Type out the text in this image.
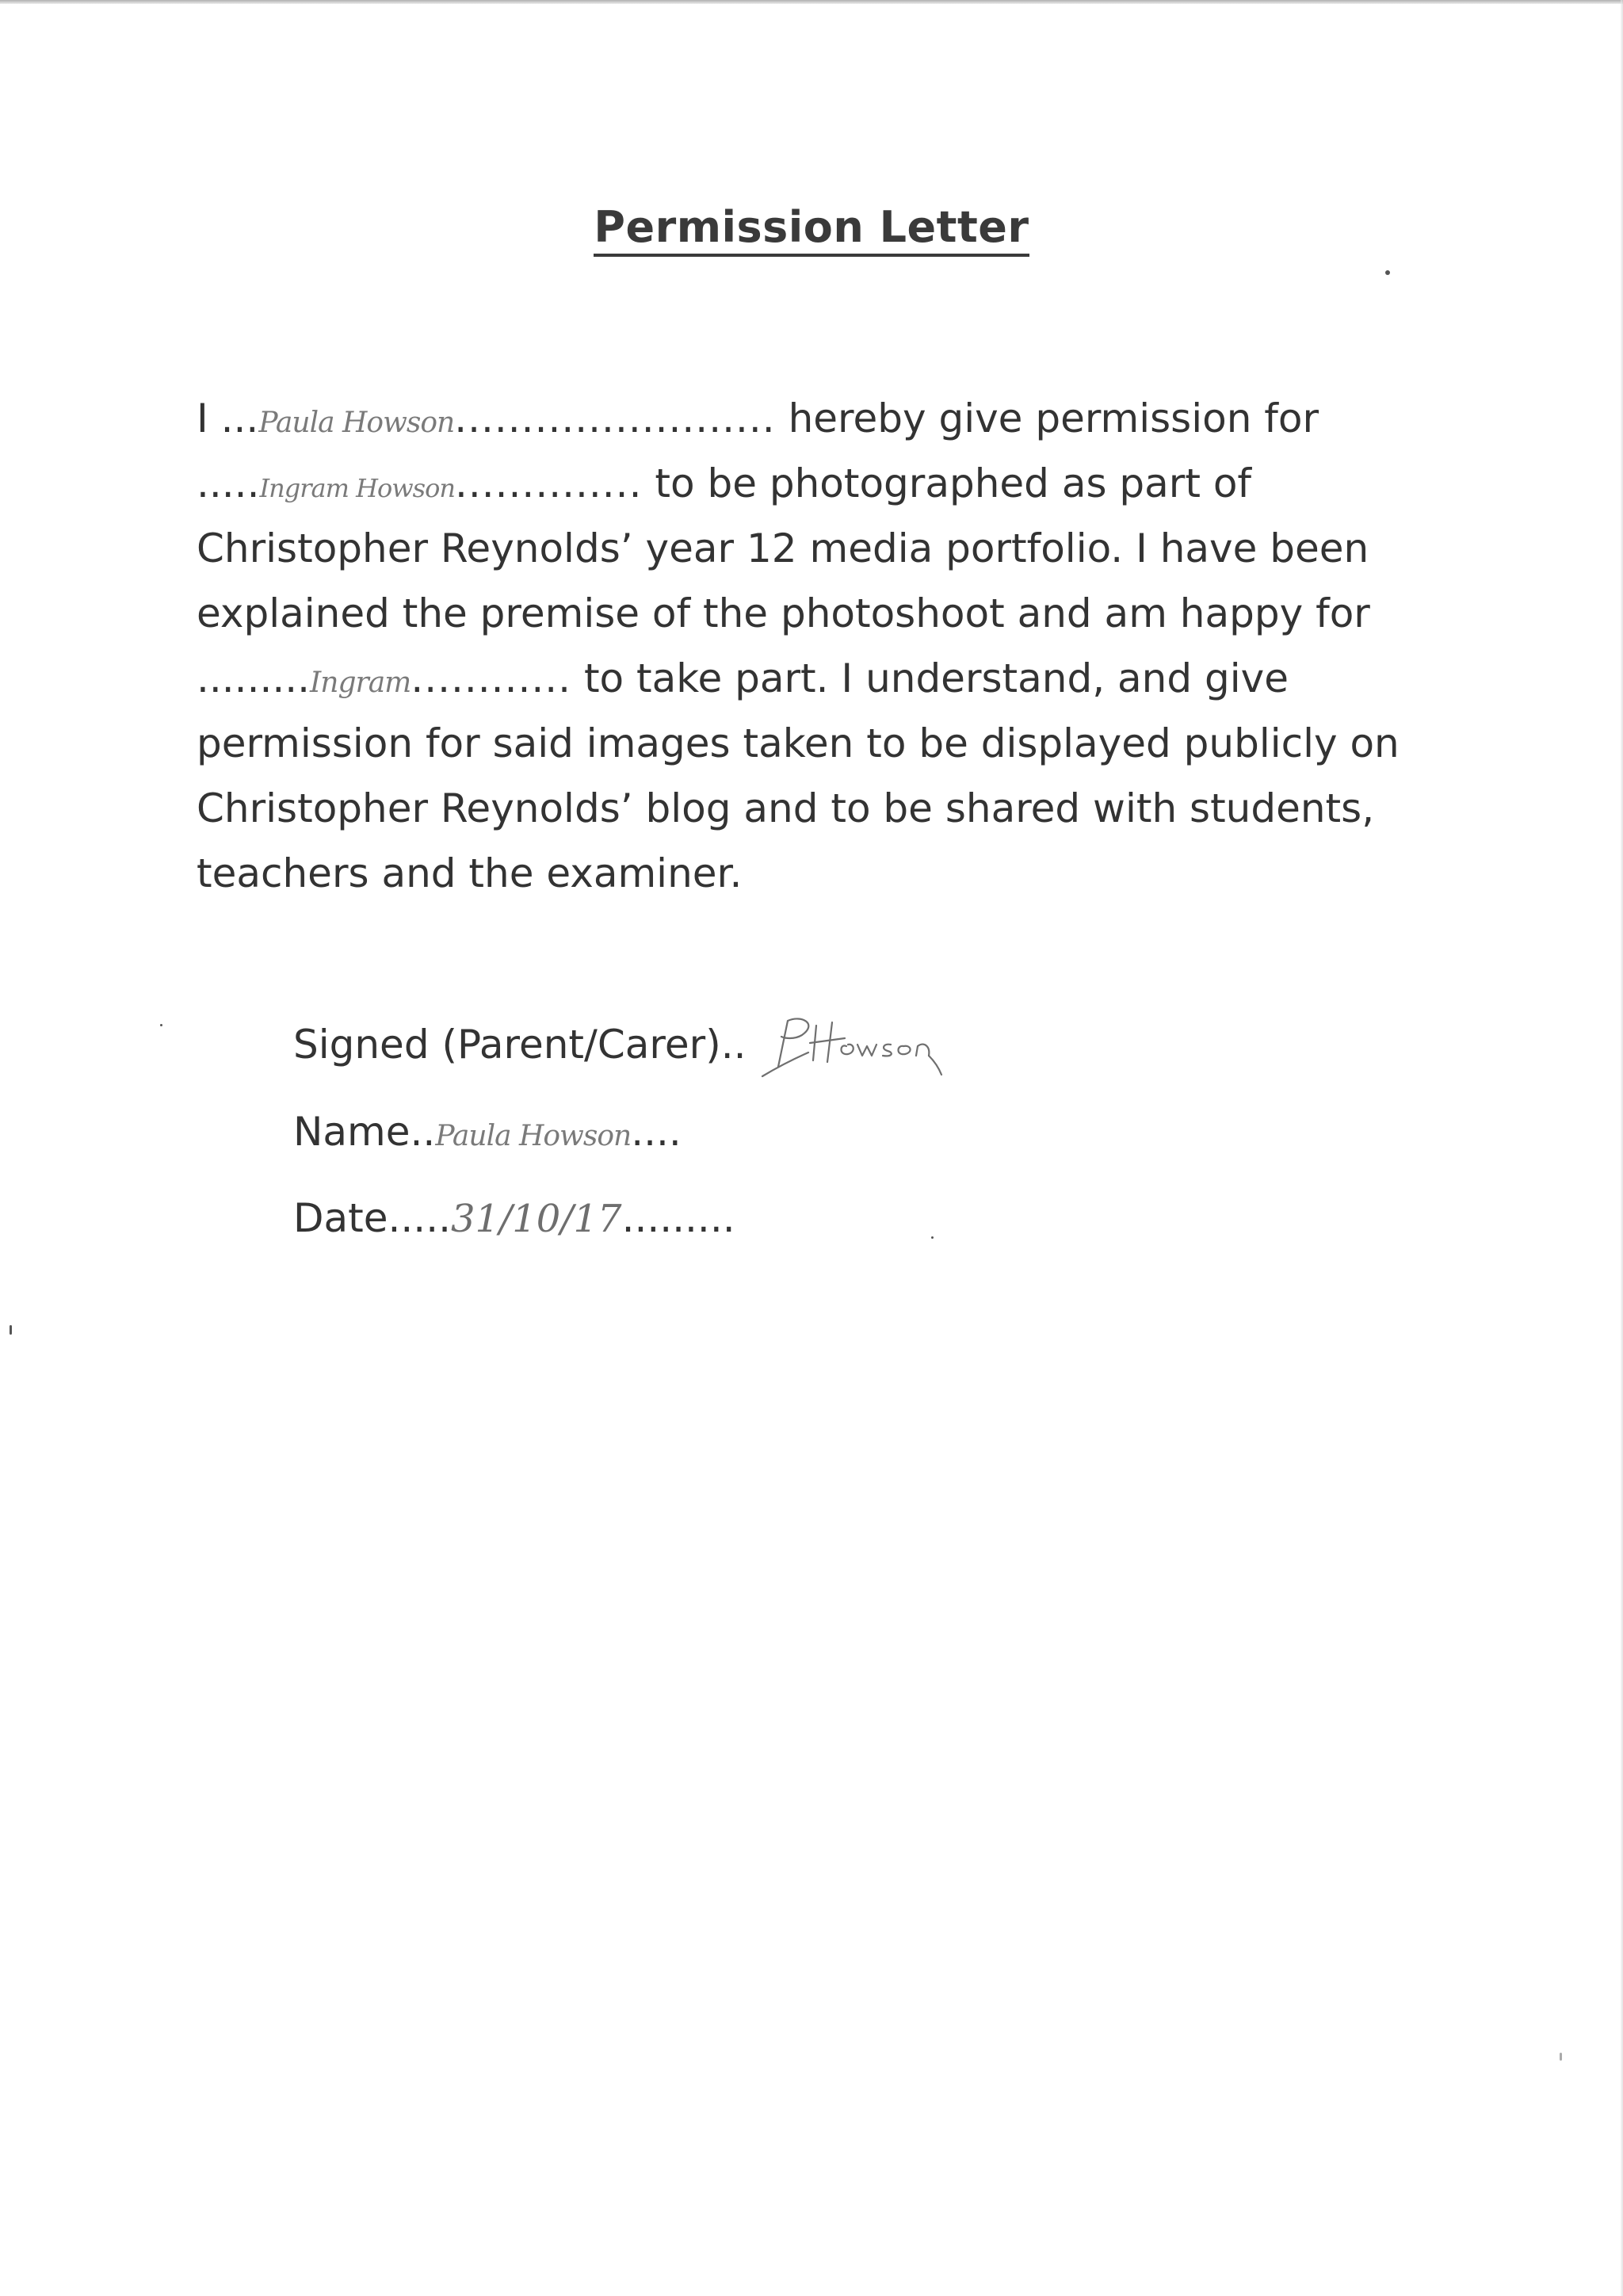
Permission Letter
I ...Paula Howson........................ hereby give permission for
.....Ingram Howson.............. to be photographed as part of
Christopher Reynolds’ year 12 media portfolio. I have been
explained the premise of the photoshoot and am happy for
.........Ingram............ to take part. I understand, and give
permission for said images taken to be displayed publicly on
Christopher Reynolds’ blog and to be shared with students,
teachers and the examiner.
Signed (Parent/Carer)..
Name..Paula Howson....
Date.....31/10/17.........
